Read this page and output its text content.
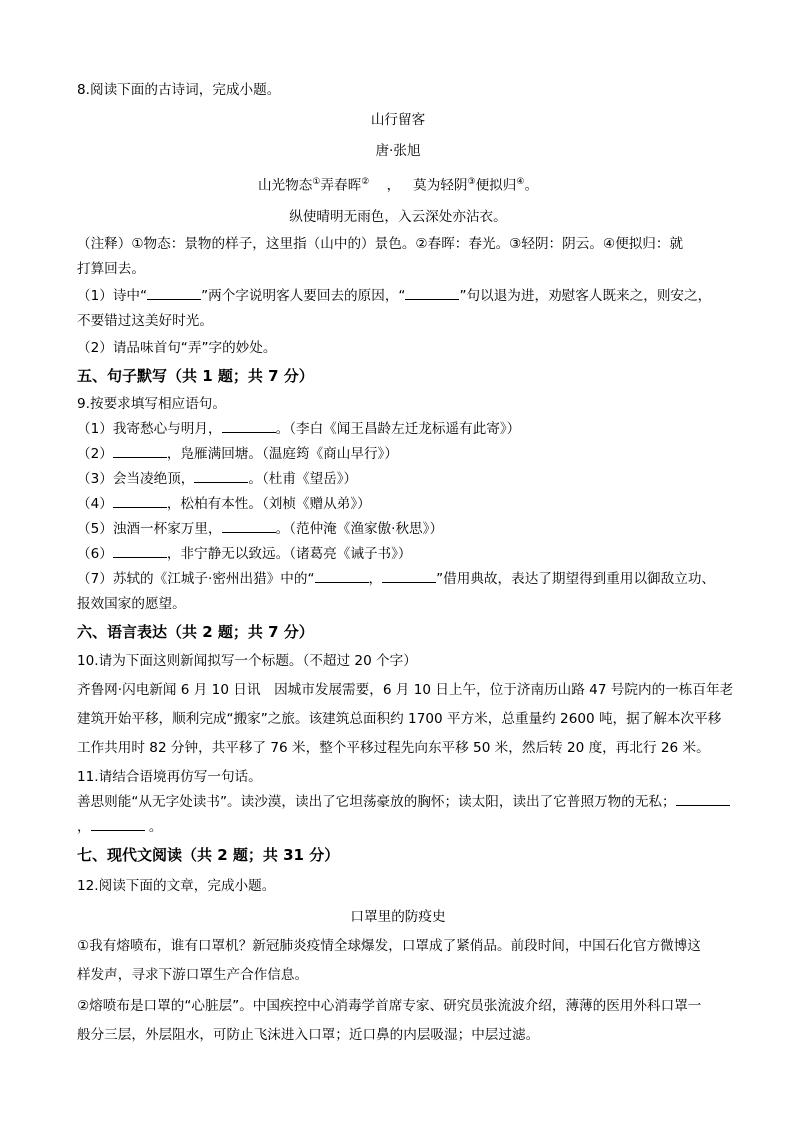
8.阅读下面的古诗词，完成小题。
山行留客
唐·张旭
山光物态①弄春晖② ， 莫为轻阴③便拟归④。
纵使晴明无雨色，入云深处亦沾衣。
（注释）①物态：景物的样子，这里指（山中的）景色。②春晖：春光。③轻阴：阴云。④便拟归：就
打算回去。
（1）诗中“	”两个字说明客人要回去的原因，“	”句以退为进，劝慰客人既来之，则安之，
不要错过这美好时光。
（2）请品味首句“弄”字的妙处。
五、句子默写（共 1 题；共 7 分）
9.按要求填写相应语句。
（1）我寄愁心与明月，	。（李白《闻王昌龄左迁龙标遥有此寄》）
（2）	，凫雁满回塘。（温庭筠《商山早行》）
（3）会当凌绝顶，	。（杜甫《望岳》）
（4）	，松柏有本性。（刘桢《赠从弟》）
（5）浊酒一杯家万里，	。（范仲淹《渔家傲·秋思》）
（6）	，非宁静无以致远。（诸葛亮《诫子书》）
（7）苏轼的《江城子·密州出猎》中的“	，	”借用典故，表达了期望得到重用以御敌立功、
报效国家的愿望。
六、语言表达（共 2 题；共 7 分）
10.请为下面这则新闻拟写一个标题。（不超过 20 个字）
齐鲁网·闪电新闻 6 月 10 日讯　因城市发展需要，6 月 10 日上午，位于济南历山路 47 号院内的一栋百年老
建筑开始平移，顺利完成“搬家”之旅。该建筑总面积约 1700 平方米，总重量约 2600 吨，据了解本次平移
工作共用时 82 分钟，共平移了 76 米，整个平移过程先向东平移 50 米，然后转 20 度，再北行 26 米。
11.请结合语境再仿写一句话。
善思则能“从无字处读书”。读沙漠，读出了它坦荡豪放的胸怀；读太阳，读出了它普照万物的无私；
，	。
七、现代文阅读（共 2 题；共 31 分）
12.阅读下面的文章，完成小题。
口罩里的防疫史
①我有熔喷布，谁有口罩机？新冠肺炎疫情全球爆发，口罩成了紧俏品。前段时间，中国石化官方微博这
样发声，寻求下游口罩生产合作信息。
②熔喷布是口罩的“心脏层”。中国疾控中心消毒学首席专家、研究员张流波介绍，薄薄的医用外科口罩一
般分三层，外层阻水，可防止飞沫进入口罩；近口鼻的内层吸湿；中层过滤。
